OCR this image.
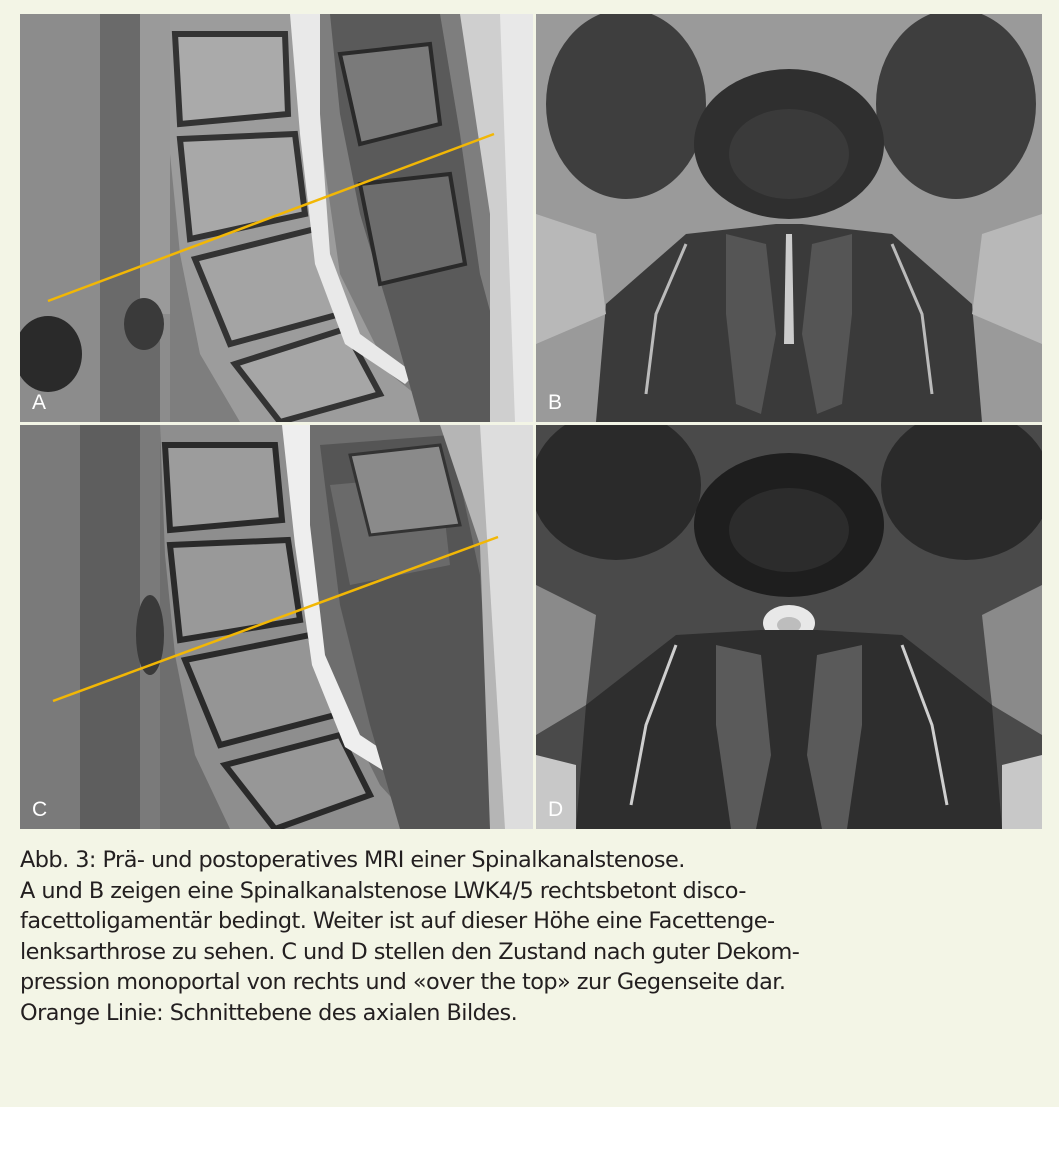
A	B
C	D
Abb. 3: Prä- und postoperatives MRI einer Spinalkanalstenose.
A und B zeigen eine Spinalkanalstenose LWK4/5 rechtsbetont disco-
facettoligamentär bedingt. Weiter ist auf dieser Höhe eine Facettenge-
lenksarthrose zu sehen. C und D stellen den Zustand nach guter Dekom-
pression monoportal von rechts und «over the top» zur Gegenseite dar.
Orange Linie: Schnittebene des axialen Bildes.
